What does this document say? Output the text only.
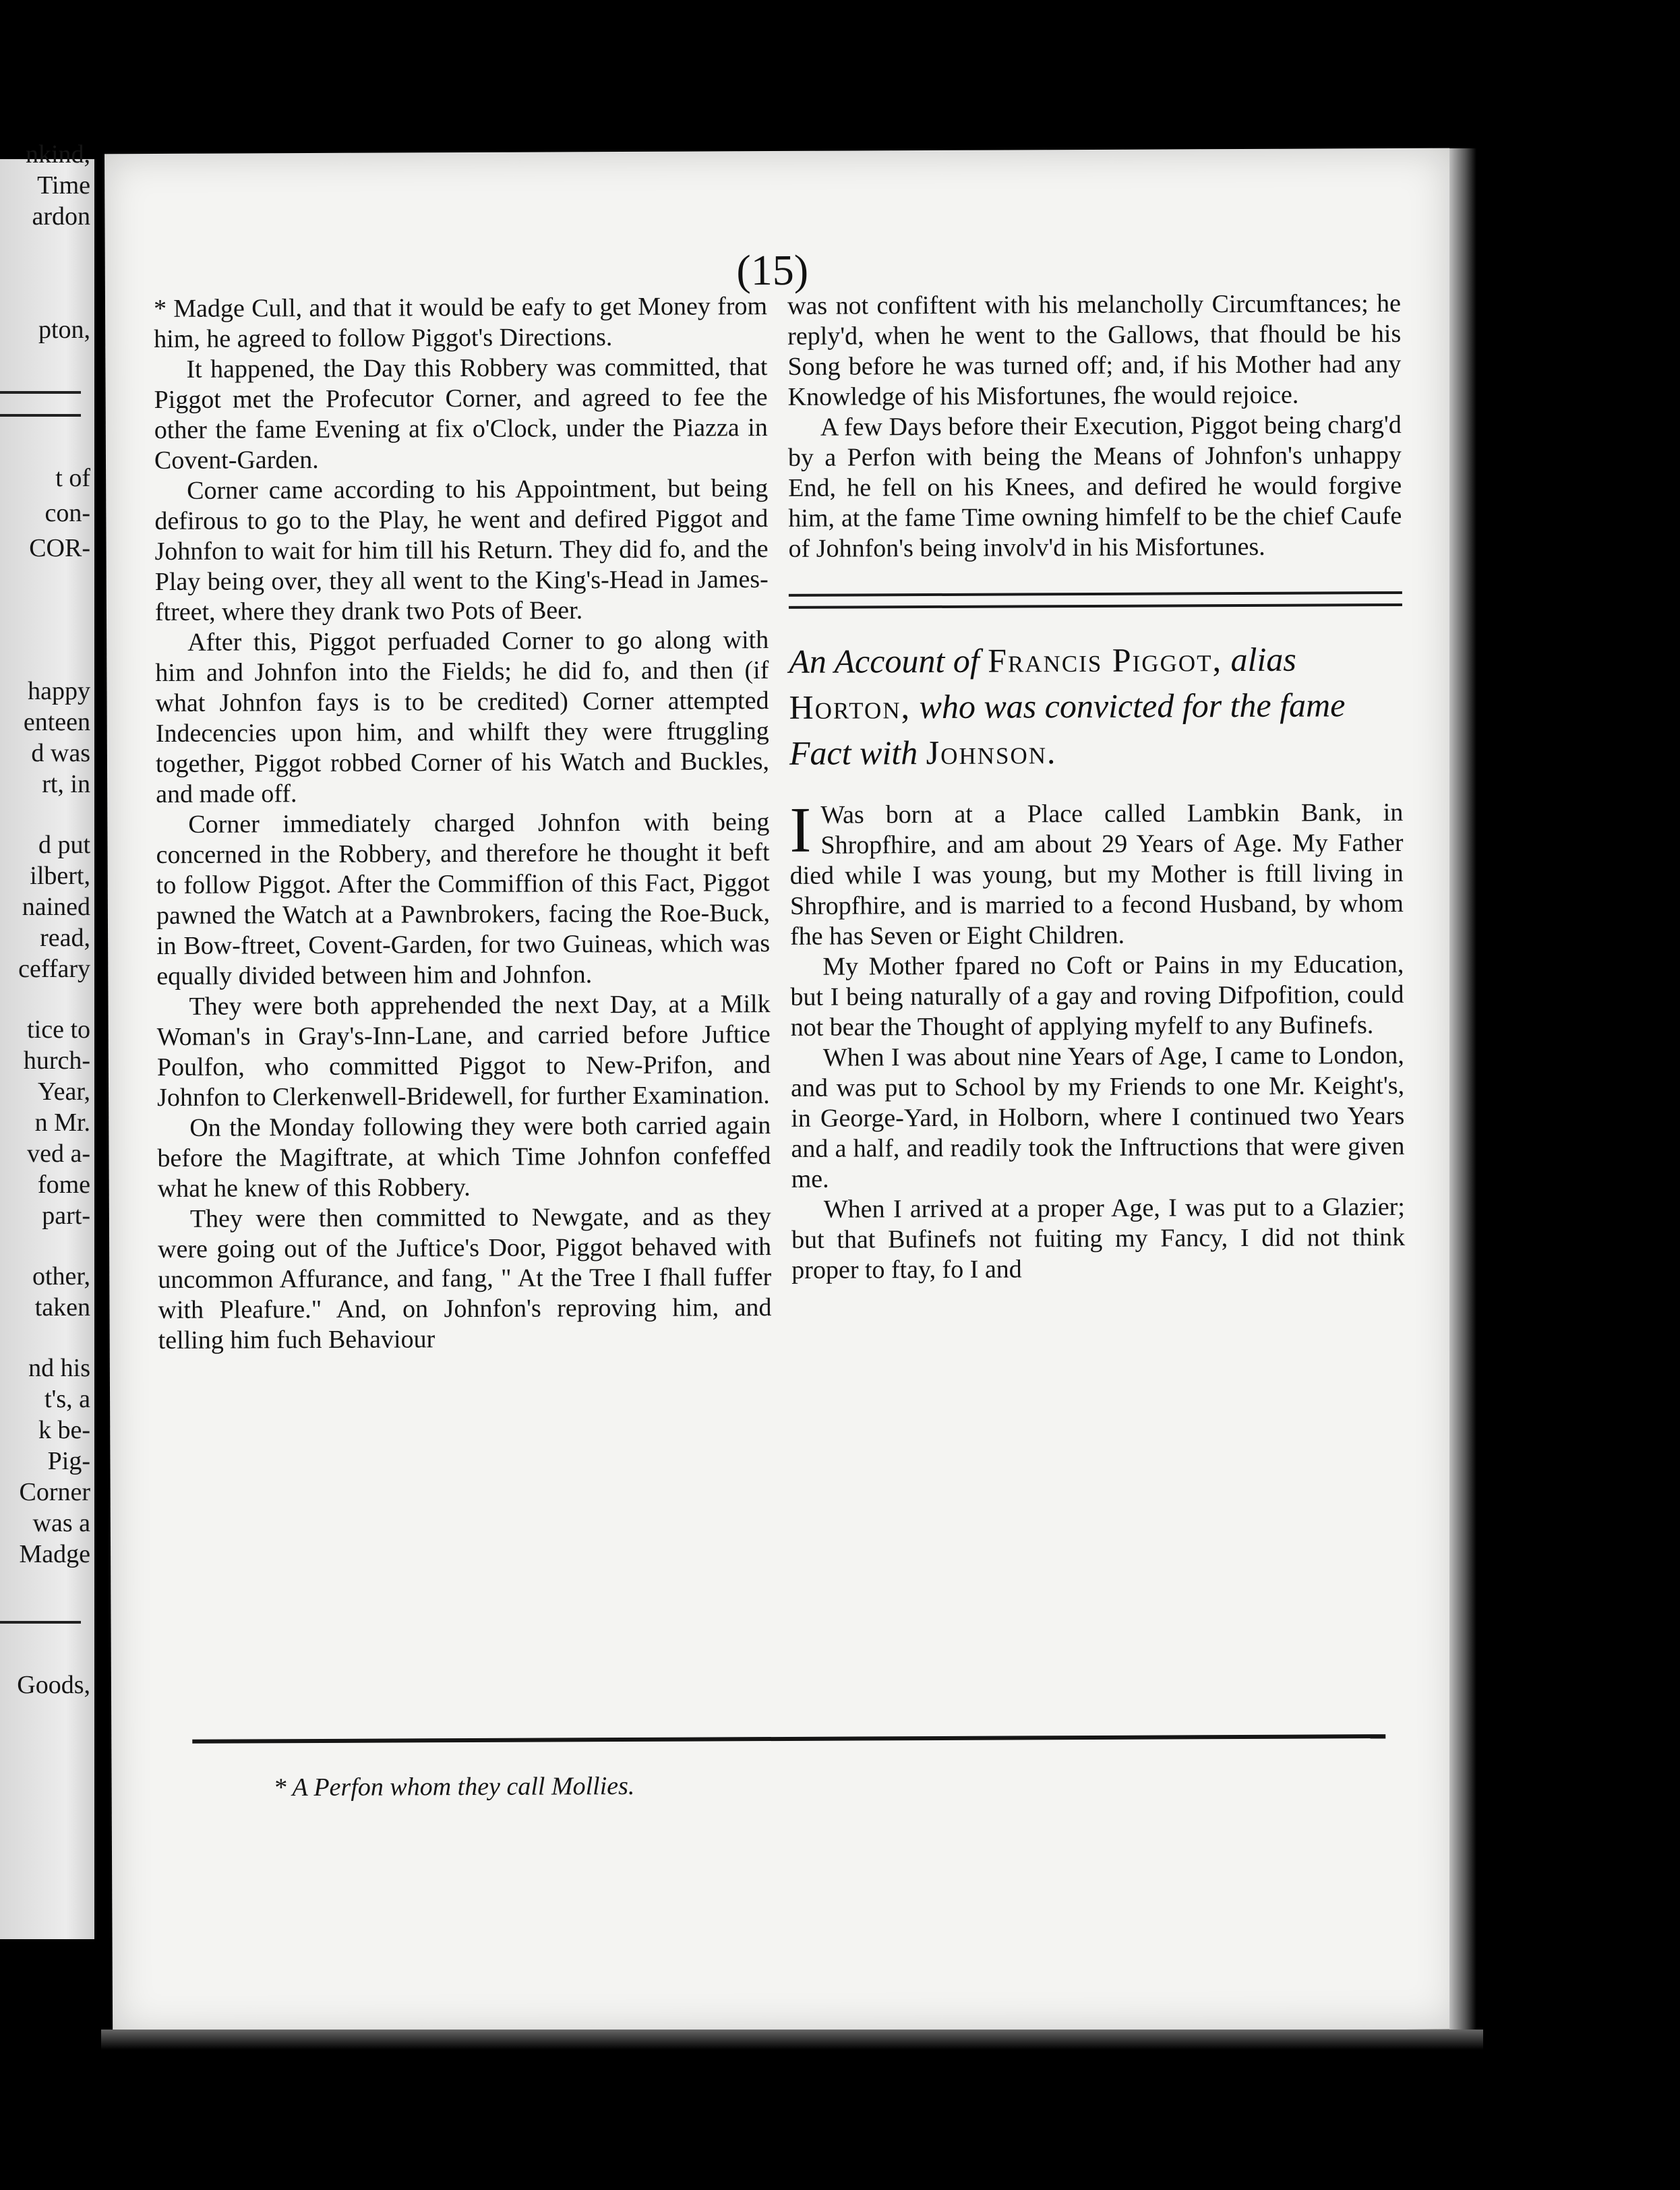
nkind,
Time
ardon
pton,
t of
con-
COR-
happy
enteen
d was
rt, in
d put
ilbert,
nained
read,
ceffary
tice to
hurch-
Year,
n Mr.
ved a-
fome
part-
other,
taken
nd his
t's, a
k be-
Pig-
Corner
was a
Madge
Goods,
(15)

* Madge Cull, and that it would be eafy to get Money from him, he agreed to follow Piggot's Directions.

It happened, the Day this Robbery was committed, that Piggot met the Profecutor Corner, and agreed to fee the other the fame Evening at fix o'Clock, under the Piazza in Covent-Garden.

Corner came according to his Appointment, but being defirous to go to the Play, he went and defired Piggot and Johnfon to wait for him till his Return. They did fo, and the Play being over, they all went to the King's-Head in James-ftreet, where they drank two Pots of Beer.

After this, Piggot perfuaded Corner to go along with him and Johnfon into the Fields; he did fo, and then (if what Johnfon fays is to be credited) Corner attempted Indecencies upon him, and whilft they were ftruggling together, Piggot robbed Corner of his Watch and Buckles, and made off.

Corner immediately charged Johnfon with being concerned in the Robbery, and therefore he thought it beft to follow Piggot. After the Commiffion of this Fact, Piggot pawned the Watch at a Pawnbrokers, facing the Roe-Buck, in Bow-ftreet, Covent-Garden, for two Guineas, which was equally divided between him and Johnfon.

They were both apprehended the next Day, at a Milk Woman's in Gray's-Inn-Lane, and carried before Juftice Poulfon, who committed Piggot to New-Prifon, and Johnfon to Clerkenwell-Bridewell, for further Examination.

On the Monday following they were both carried again before the Magiftrate, at which Time Johnfon confeffed what he knew of this Robbery.

They were then committed to Newgate, and as they were going out of the Juftice's Door, Piggot behaved with uncommon Affurance, and fang, " At the Tree I fhall fuffer with Pleafure." And, on Johnfon's reproving him, and telling him fuch Behaviour

was not confiftent with his melancholly Circumftances; he reply'd, when he went to the Gallows, that fhould be his Song before he was turned off; and, if his Mother had any Knowledge of his Misfortunes, fhe would rejoice.

A few Days before their Execution, Piggot being charg'd by a Perfon with being the Means of Johnfon's unhappy End, he fell on his Knees, and defired he would forgive him, at the fame Time owning himfelf to be the chief Caufe of Johnfon's being involv'd in his Misfortunes.

An Account of Francis Piggot, alias Horton, who was convicted for the fame Fact with Johnson.

I Was born at a Place called Lambkin Bank, in Shropfhire, and am about 29 Years of Age. My Father died while I was young, but my Mother is ftill living in Shropfhire, and is married to a fecond Husband, by whom fhe has Seven or Eight Children.

My Mother fpared no Coft or Pains in my Education, but I being naturally of a gay and roving Difpofition, could not bear the Thought of applying myfelf to any Bufinefs.

When I was about nine Years of Age, I came to London, and was put to School by my Friends to one Mr. Keight's, in George-Yard, in Holborn, where I continued two Years and a half, and readily took the Inftructions that were given me.

When I arrived at a proper Age, I was put to a Glazier; but that Bufinefs not fuiting my Fancy, I did not think proper to ftay, fo I and

* A Perfon whom they call Mollies.
